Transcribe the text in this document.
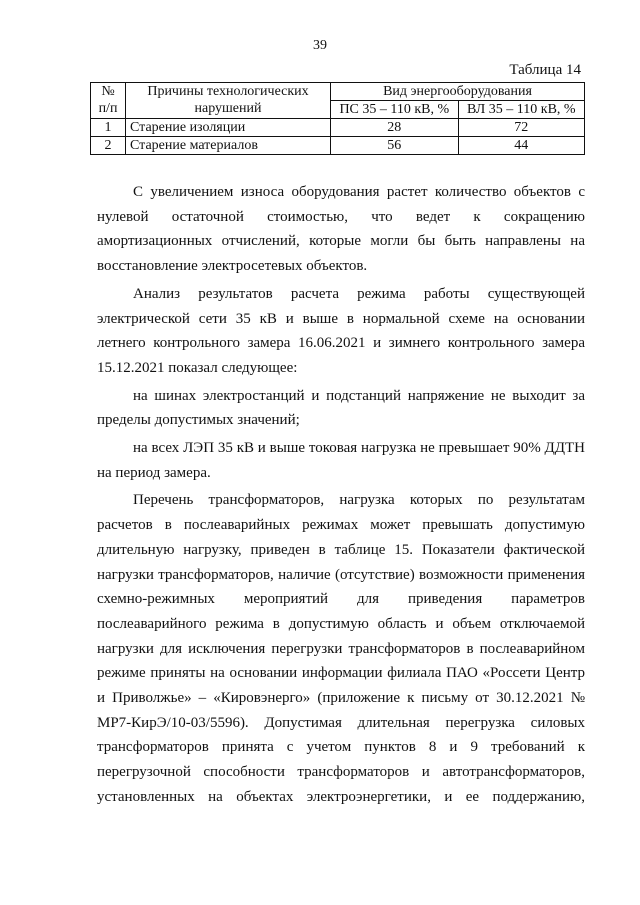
39
Таблица 14
№ п/п	Причины технологических нарушений	Вид энергооборудования	
		ПС 35 – 110 кВ, %	ВЛ 35 – 110 кВ, %
1	Старение изоляции	28	72
2	Старение материалов	56	44

С увеличением износа оборудования растет количество объектов с нулевой остаточной стоимостью, что ведет к сокращению амортизационных отчислений, которые могли бы быть направлены на восстановление электросетевых объектов.

Анализ результатов расчета режима работы существующей электрической сети 35 кВ и выше в нормальной схеме на основании летнего контрольного замера 16.06.2021 и зимнего контрольного замера 15.12.2021 показал следующее:

на шинах электростанций и подстанций напряжение не выходит за пределы допустимых значений;

на всех ЛЭП 35 кВ и выше токовая нагрузка не превышает 90% ДДТН на период замера.

Перечень трансформаторов, нагрузка которых по результатам расчетов в послеаварийных режимах может превышать допустимую длительную нагрузку, приведен в таблице 15. Показатели фактической нагрузки трансформаторов, наличие (отсутствие) возможности применения схемно-режимных мероприятий для приведения параметров послеаварийного режима в допустимую область и объем отключаемой нагрузки для исключения перегрузки трансформаторов в послеаварийном режиме приняты на основании информации филиала ПАО «Россети Центр и Приволжье» – «Кировэнерго» (приложение к письму от 30.12.2021 № МР7-КирЭ/10-03/5596). Допустимая длительная перегрузка силовых трансформаторов принята с учетом пунктов 8 и 9 требований к перегрузочной способности трансформаторов и автотрансформаторов, установленных на объектах электроэнергетики, и ее поддержанию,
